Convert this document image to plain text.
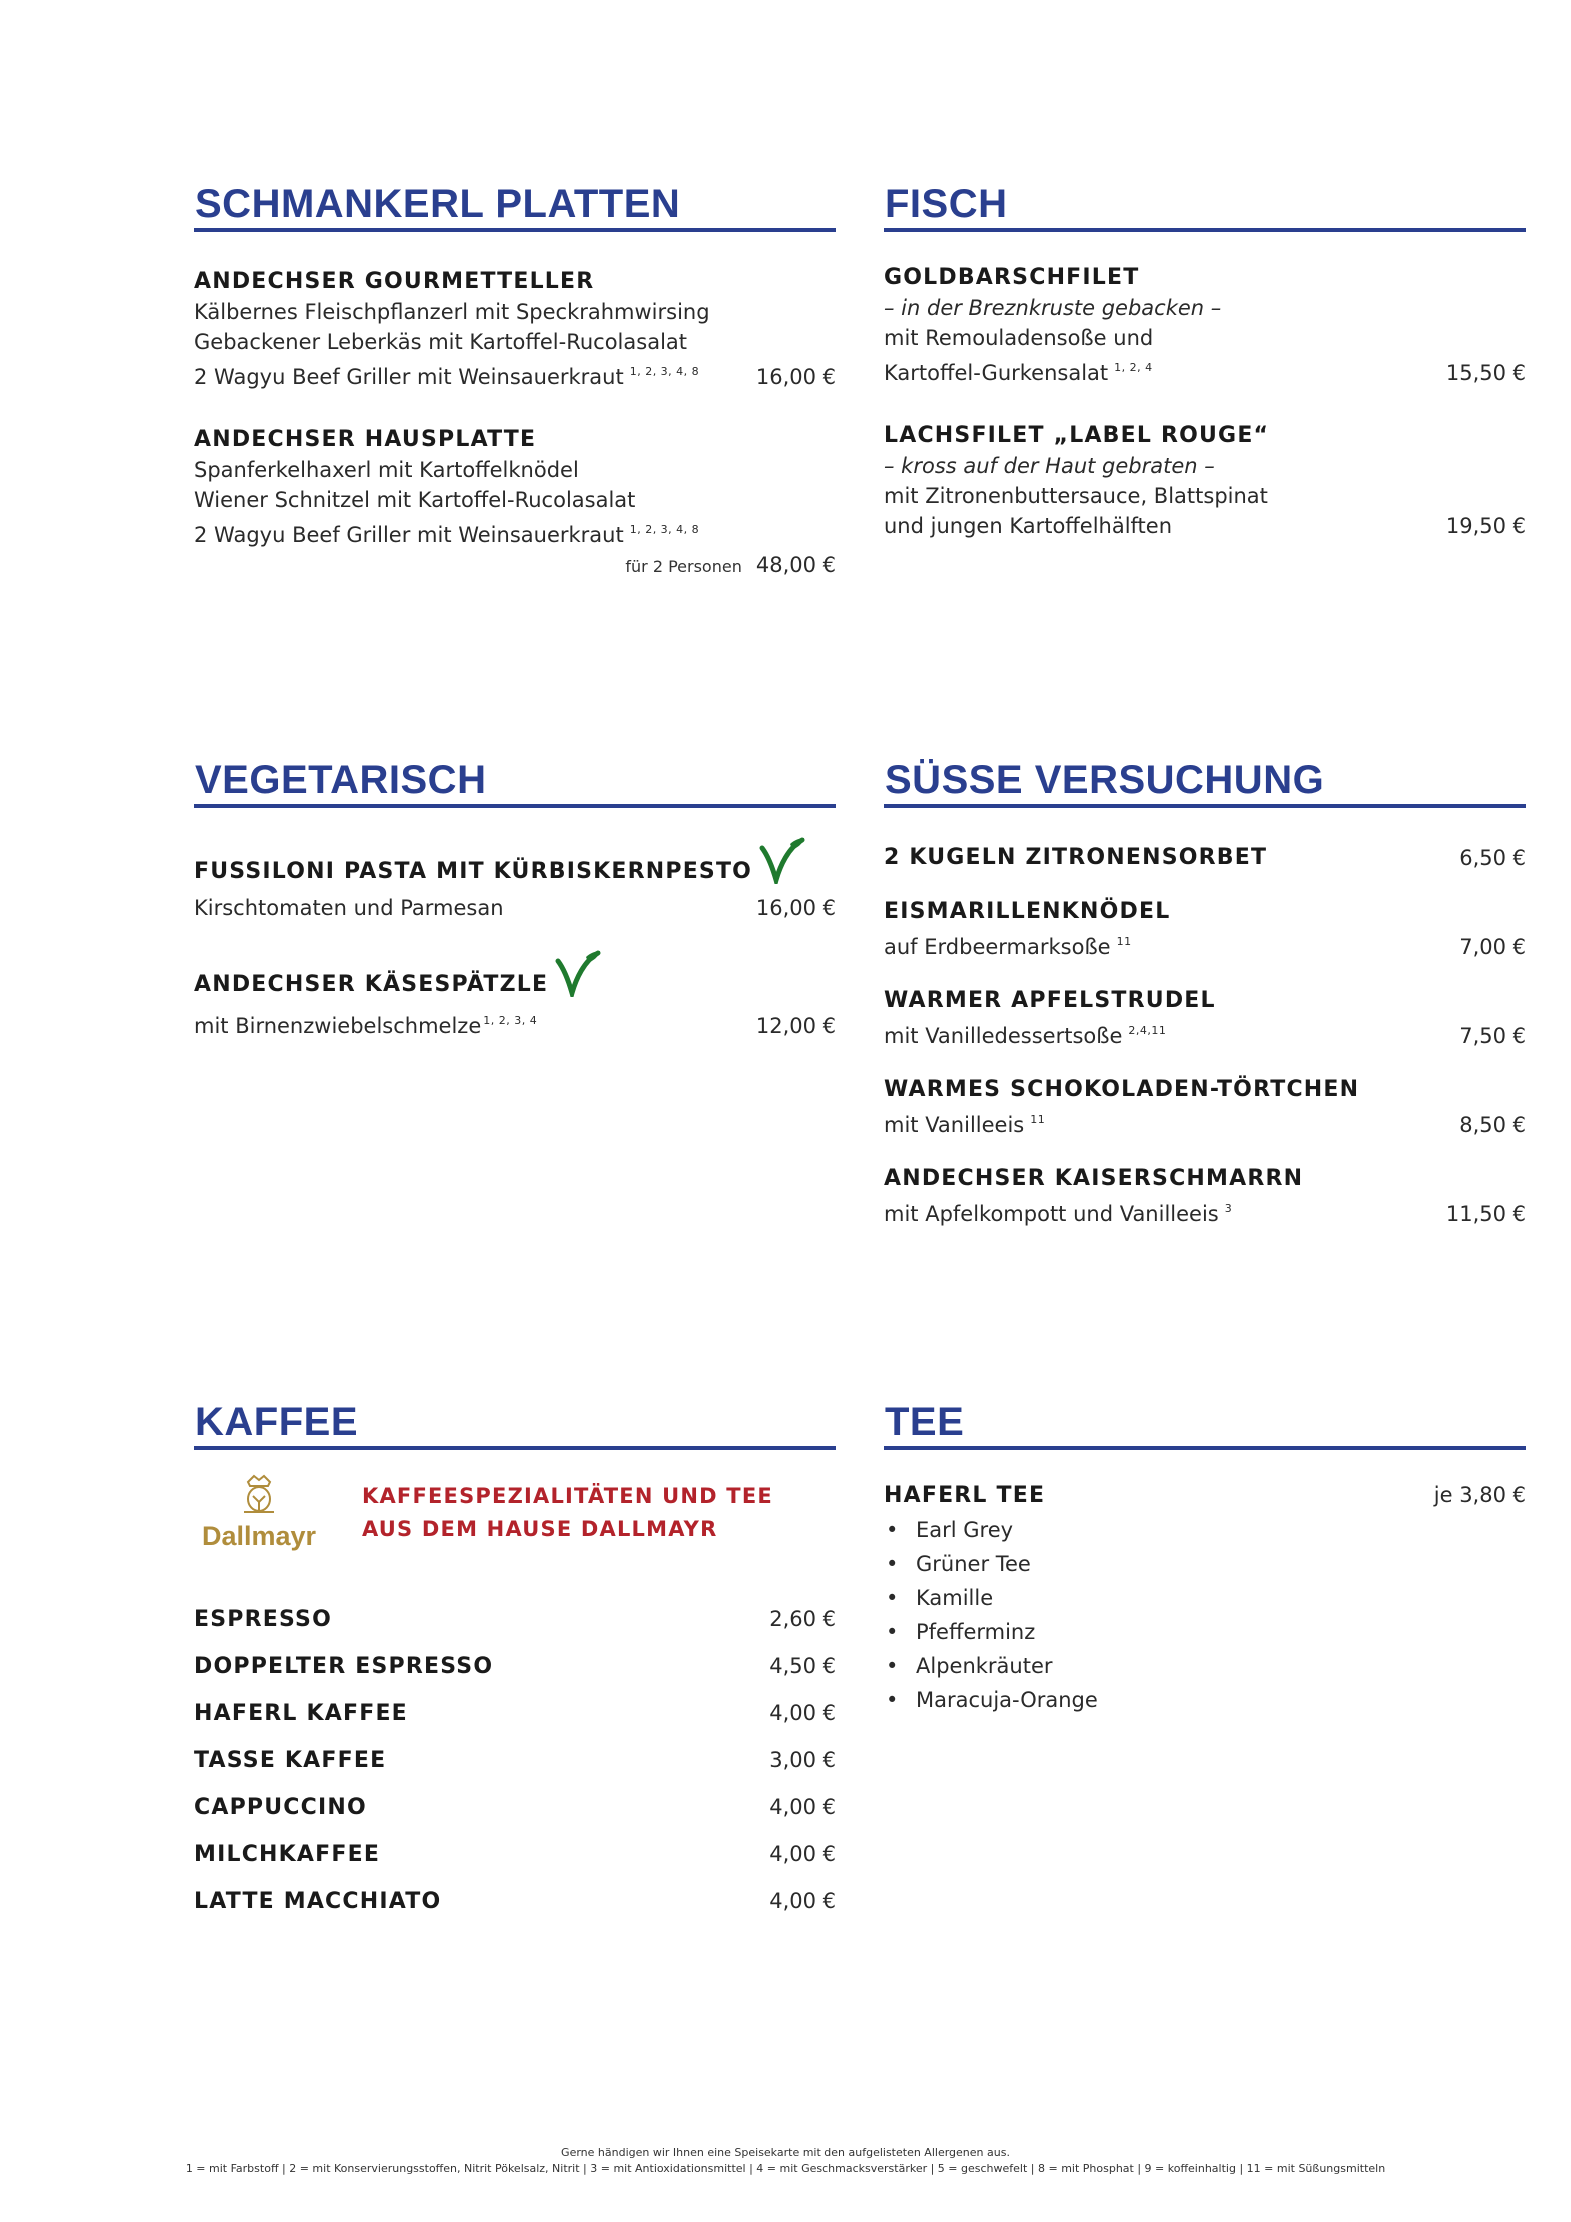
SCHMANKERL PLATTEN
ANDECHSER GOURMETTELLER
Kälbernes Fleischpflanzerl mit Speckrahmwirsing
Gebackener Leberkäs mit Kartoffel-Rucolasalat
2 Wagyu Beef Griller mit Weinsauerkraut $^{1, 2, 3, 4, 8}$	16,00 €
ANDECHSER HAUSPLATTE
Spanferkelhaxerl mit Kartoffelknödel
Wiener Schnitzel mit Kartoffel-Rucolasalat
2 Wagyu Beef Griller mit Weinsauerkraut $^{1, 2, 3, 4, 8}$
für 2 Personen 48,00 €
FISCH
GOLDBARSCHFILET
– in der Breznkruste gebacken –
mit Remouladensoße und
Kartoffel-Gurkensalat $^{1, 2, 4}$	15,50 €
LACHSFILET „LABEL ROUGE“
– kross auf der Haut gebraten –
mit Zitronenbuttersauce, Blattspinat
und jungen Kartoffelhälften	19,50 €
VEGETARISCH
FUSSILONI PASTA MIT KÜRBISKERNPESTO
Kirschtomaten und Parmesan	16,00 €
ANDECHSER KÄSESPÄTZLE
mit Birnenzwiebelschmelze $^{1, 2, 3, 4}$	12,00 €
SÜSSE VERSUCHUNG
2 KUGELN ZITRONENSORBET	6,50 €
EISMARILLENKNÖDEL
auf Erdbeermarksoße $^{11}$	7,00 €
WARMER APFELSTRUDEL
mit Vanilledessertsoße $^{2,4,11}$	7,50 €
WARMES SCHOKOLADEN-TÖRTCHEN
mit Vanilleeis $^{11}$	8,50 €
ANDECHSER KAISERSCHMARRN
mit Apfelkompott und Vanilleeis $^3$	11,50 €
KAFFEE
Dallmayr
KAFFEESPEZIALITÄTEN UND TEE
AUS DEM HAUSE DALLMAYR
ESPRESSO	2,60 €
DOPPELTER ESPRESSO	4,50 €
HAFERL KAFFEE	4,00 €
TASSE KAFFEE	3,00 €
CAPPUCCINO	4,00 €
MILCHKAFFEE	4,00 €
LATTE MACCHIATO	4,00 €
TEE
HAFERL TEE	je 3,80 €
• Earl Grey
• Grüner Tee
• Kamille
• Pfefferminz
• Alpenkräuter
• Maracuja-Orange
Gerne händigen wir Ihnen eine Speisekarte mit den aufgelisteten Allergenen aus.
1 = mit Farbstoff | 2 = mit Konservierungsstoffen, Nitrit Pökelsalz, Nitrit | 3 = mit Antioxidationsmittel | 4 = mit Geschmacksverstärker | 5 = geschwefelt | 8 = mit Phosphat | 9 = koffeinhaltig | 11 = mit Süßungsmitteln
